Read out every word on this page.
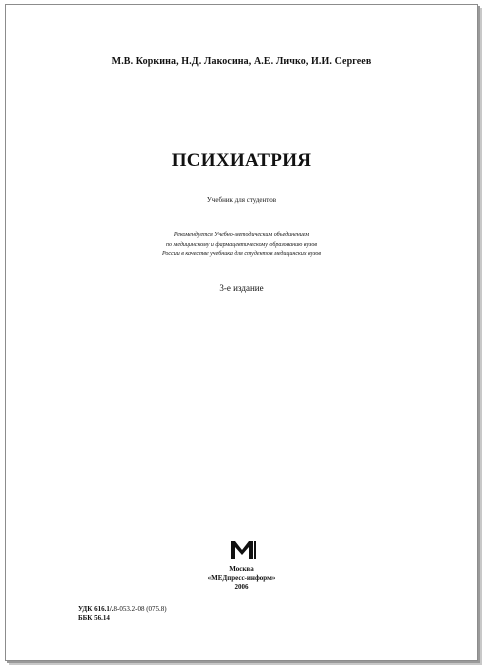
М.В. Коркина, Н.Д. Лакосина, А.Е. Личко, И.И. Сергеев
ПСИХИАТРИЯ
Учебник для студентов
Рекомендуется Учебно-методическим объединением
по медицинскому и фармацевтическому образованию вузов
России в качестве учебника для студентов медицинских вузов
3-е издание
Москва
«МЕДпресс-информ»
2006
УДК 616.1/.8-053.2-08 (075.8)
ББК 56.14
